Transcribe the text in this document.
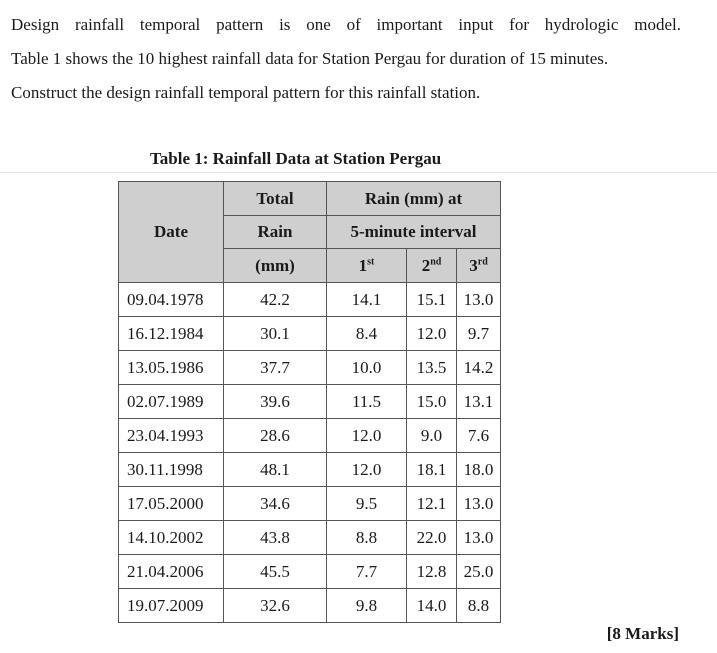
Design rainfall temporal pattern is one of important input for hydrologic model.
Table 1 shows the 10 highest rainfall data for Station Pergau for duration of 15 minutes.
Construct the design rainfall temporal pattern for this rainfall station.

Table 1: Rainfall Data at Station Pergau
Date	Total	Rain (mm) at		
	Rain	5-minute interval		
	(mm)	1st	2nd	3rd
09.04.1978	42.2	14.1	15.1	13.0
16.12.1984	30.1	8.4	12.0	9.7
13.05.1986	37.7	10.0	13.5	14.2
02.07.1989	39.6	11.5	15.0	13.1
23.04.1993	28.6	12.0	9.0	7.6
30.11.1998	48.1	12.0	18.1	18.0
17.05.2000	34.6	9.5	12.1	13.0
14.10.2002	43.8	8.8	22.0	13.0
21.04.2006	45.5	7.7	12.8	25.0
19.07.2009	32.6	9.8	14.0	8.8
[8 Marks]
